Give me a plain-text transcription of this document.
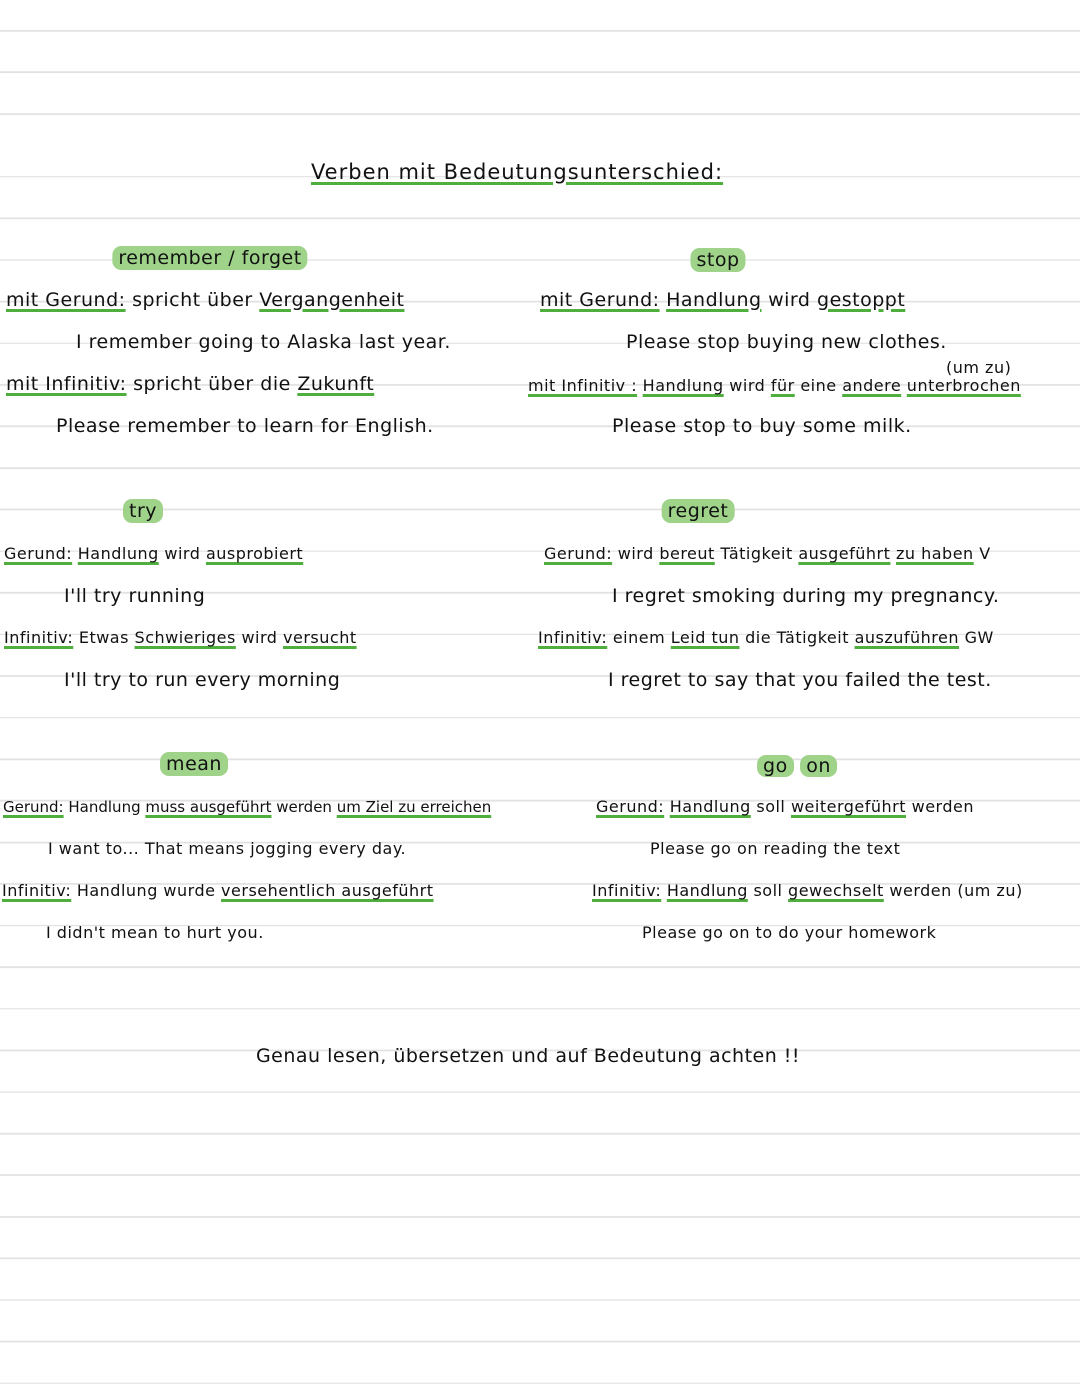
Verben mit Bedeutungsunterschied:
remember / forget
mit Gerund: spricht über Vergangenheit
I remember going to Alaska last year.
mit Infinitiv: spricht über die Zukunft
Please remember to learn for English.
stop
mit Gerund: Handlung wird gestoppt
Please stop buying new clothes.
(um zu)
mit Infinitiv : Handlung wird für eine andere unterbrochen
Please stop to buy some milk.
try
Gerund: Handlung wird ausprobiert
I'll try running
Infinitiv: Etwas Schwieriges wird versucht
I'll try to run every morning
regret
Gerund: wird bereut Tätigkeit ausgeführt zu haben V
I regret smoking during my pregnancy.
Infinitiv: einem Leid tun die Tätigkeit auszuführen GW
I regret to say that you failed the test.
mean
Gerund: Handlung muss ausgeführt werden um Ziel zu erreichen
I want to... That means jogging every day.
Infinitiv: Handlung wurde versehentlich ausgeführt
I didn't mean to hurt you.
go on
Gerund: Handlung soll weitergeführt werden
Please go on reading the text
Infinitiv: Handlung soll gewechselt werden (um zu)
Please go on to do your homework
Genau lesen, übersetzen und auf Bedeutung achten !!
